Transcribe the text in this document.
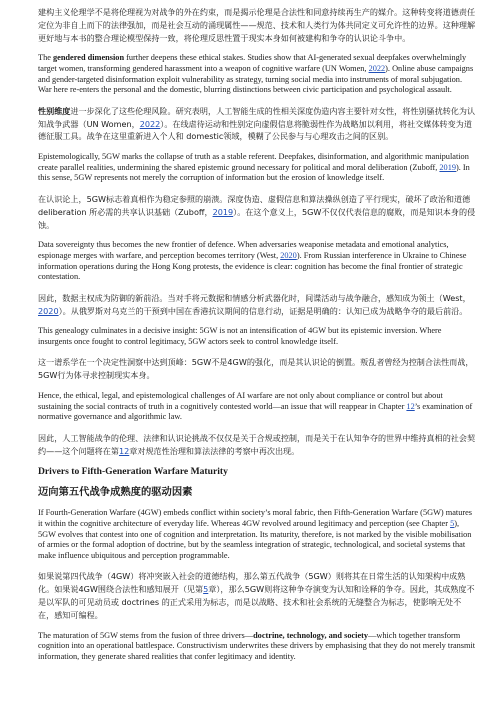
建构主义伦理学不是将伦理视为对战争的外在约束，而是揭示伦理是合法性和同意持续再生产的媒介。这种转变将道德责任定位为非自上而下的法律强加，而是社会互动的涌现属性——规范、技术和人类行为体共同定义可允许性的边界。这种理解更好地与本书的整合理论模型保持一致，将伦理反思性置于现实本身如何被建构和争夺的认识论斗争中。

The gendered dimension further deepens these ethical stakes. Studies show that AI-generated sexual deepfakes overwhelmingly target women, transforming gendered harassment into a weapon of cognitive warfare (UN Women, 2022). Online abuse campaigns and gender-targeted disinformation exploit vulnerability as strategy, turning social media into instruments of moral subjugation. War here re-enters the personal and the domestic, blurring distinctions between civic participation and psychological assault.

性别维度进一步深化了这些伦理风险。研究表明，人工智能生成的性相关深度伪造内容主要针对女性，将性别骚扰转化为认知战争武器（UN Women，2022）。在线虐待运动和性别定向虚假信息将脆弱性作为战略加以利用，将社交媒体转变为道德征服工具。战争在这里重新进入个人和 domestic领域，模糊了公民参与与心理攻击之间的区别。

Epistemologically, 5GW marks the collapse of truth as a stable referent. Deepfakes, disinformation, and algorithmic manipulation create parallel realities, undermining the shared epistemic ground necessary for political and moral deliberation (Zuboff, 2019). In this sense, 5GW represents not merely the corruption of information but the erosion of knowledge itself.

在认识论上，5GW标志着真相作为稳定参照的崩溃。深度伪造、虚假信息和算法操纵创造了平行现实，破坏了政治和道德 deliberation 所必需的共享认识基础（Zuboff，2019）。在这个意义上，5GW不仅仅代表信息的腐败，而是知识本身的侵蚀。

Data sovereignty thus becomes the new frontier of defence. When adversaries weaponise metadata and emotional analytics, espionage merges with warfare, and perception becomes territory (West, 2020). From Russian interference in Ukraine to Chinese information operations during the Hong Kong protests, the evidence is clear: cognition has become the final frontier of strategic contestation.

因此，数据主权成为防御的新前沿。当对手将元数据和情感分析武器化时，间谍活动与战争融合，感知成为领土（West，2020）。从俄罗斯对乌克兰的干预到中国在香港抗议期间的信息行动，证据是明确的：认知已成为战略争夺的最后前沿。

This genealogy culminates in a decisive insight: 5GW is not an intensification of 4GW but its epistemic inversion. Where insurgents once fought to control legitimacy, 5GW actors seek to control knowledge itself.

这一谱系学在一个决定性洞察中达到顶峰：5GW不是4GW的强化，而是其认识论的倒置。叛乱者曾经为控制合法性而战，5GW行为体寻求控制现实本身。

Hence, the ethical, legal, and epistemological challenges of AI warfare are not only about compliance or control but about sustaining the social contracts of truth in a cognitively contested world—an issue that will reappear in Chapter 12’s examination of normative governance and algorithmic law.

因此，人工智能战争的伦理、法律和认识论挑战不仅仅是关于合规或控制，而是关于在认知争夺的世界中维持真相的社会契约——这个问题将在第12章对规范性治理和算法法律的考察中再次出现。

Drivers to Fifth-Generation Warfare Maturity
迈向第五代战争成熟度的驱动因素

If Fourth-Generation Warfare (4GW) embeds conflict within society’s moral fabric, then Fifth-Generation Warfare (5GW) matures it within the cognitive architecture of everyday life. Whereas 4GW revolved around legitimacy and perception (see Chapter 5), 5GW evolves that contest into one of cognition and interpretation. Its maturity, therefore, is not marked by the visible mobilisation of armies or the formal adoption of doctrine, but by the seamless integration of strategic, technological, and societal systems that make influence ubiquitous and perception programmable.

如果说第四代战争（4GW）将冲突嵌入社会的道德结构，那么第五代战争（5GW）则将其在日常生活的认知架构中成熟化。如果说4GW围绕合法性和感知展开（见第5章），那么5GW则将这种争夺演变为认知和诠释的争夺。因此，其成熟度不是以军队的可见动员或 doctrines 的正式采用为标志，而是以战略、技术和社会系统的无缝整合为标志，使影响无处不在，感知可编程。

The maturation of 5GW stems from the fusion of three drivers—doctrine, technology, and society—which together transform cognition into an operational battlespace. Constructivism underwrites these drivers by emphasising that they do not merely transmit information, they generate shared realities that confer legitimacy and identity.
